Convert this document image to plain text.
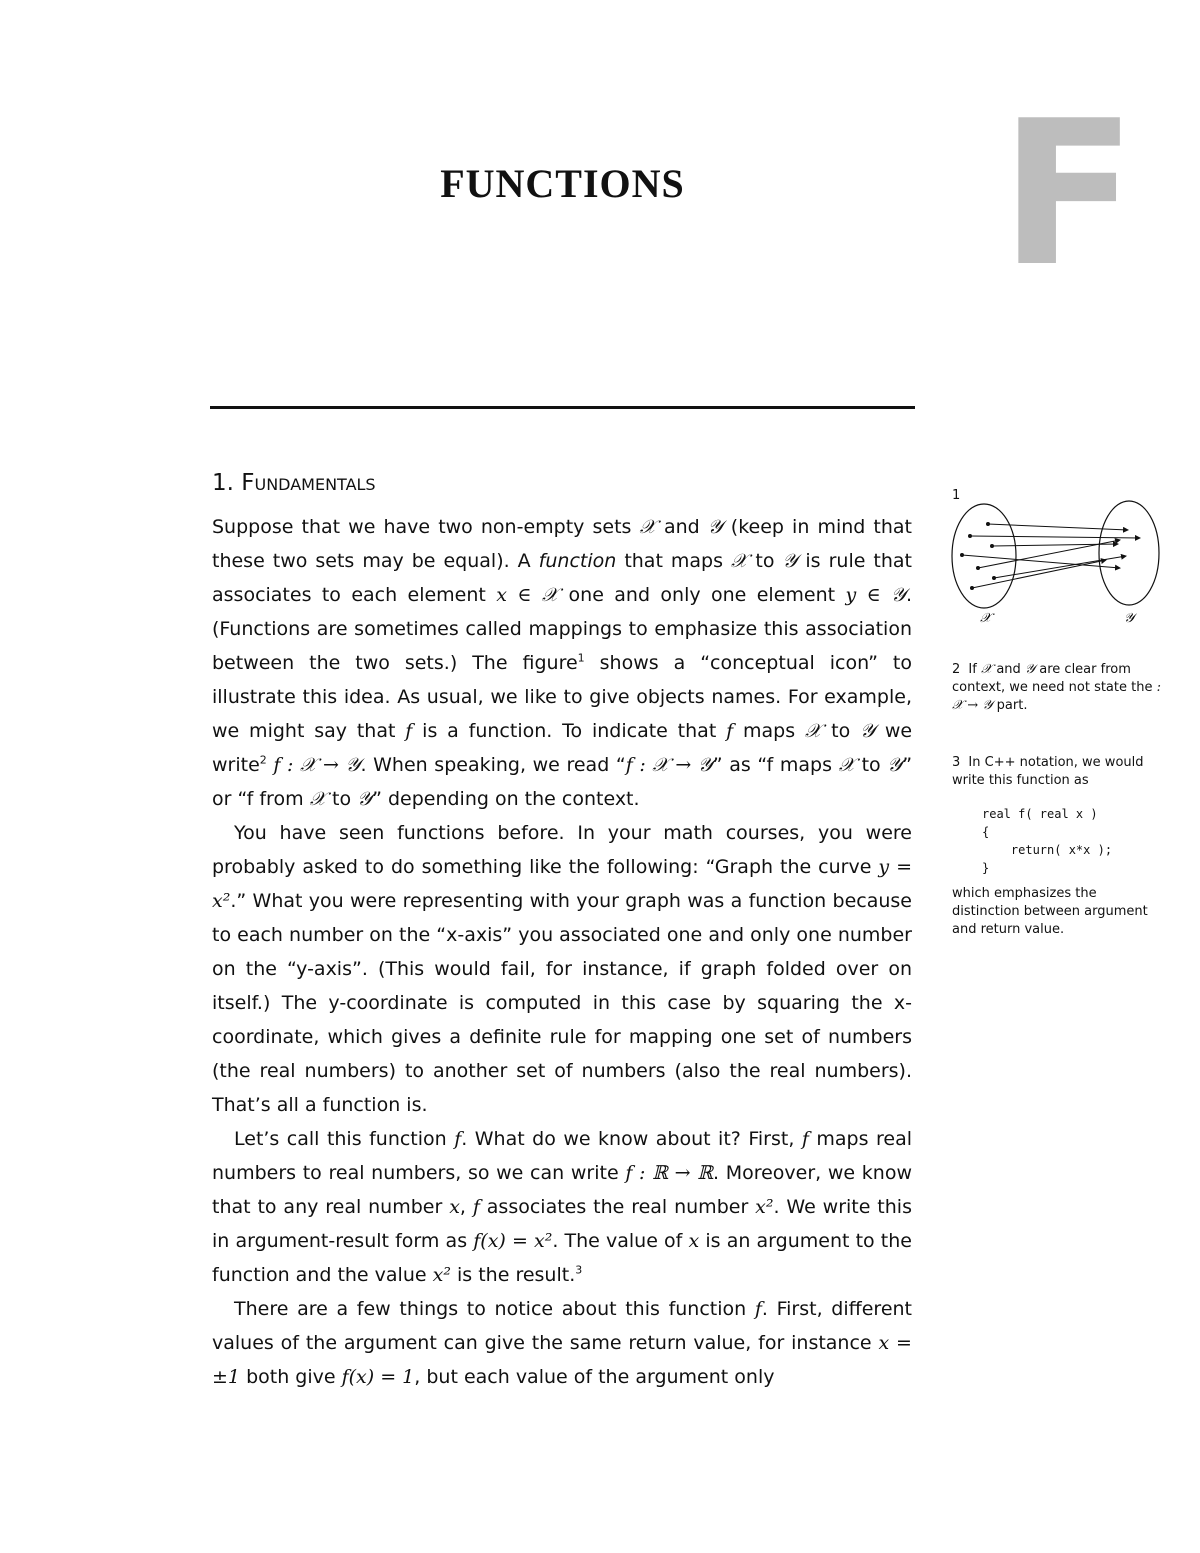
FUNCTIONS	F
1. Fundamentals

Suppose that we have two non-empty sets 𝒳 and 𝒴 (keep in mind that these two sets may be equal). A function that maps 𝒳 to 𝒴 is rule that associates to each element x ∈ 𝒳 one and only one element y ∈ 𝒴. (Functions are sometimes called mappings to emphasize this association between the two sets.) The figure$^1$ shows a “conceptual icon” to illustrate this idea. As usual, we like to give objects names. For example, we might say that f is a function. To indicate that f maps 𝒳 to 𝒴 we write$^2$ f : 𝒳 → 𝒴. When speaking, we read “f : 𝒳 → 𝒴” as “f maps 𝒳 to 𝒴” or “f from 𝒳 to 𝒴” depending on the context.

You have seen functions before. In your math courses, you were probably asked to do something like the following: “Graph the curve y = x².” What you were representing with your graph was a function because to each number on the “x-axis” you associated one and only one number on the “y-axis”. (This would fail, for instance, if graph folded over on itself.) The y-coordinate is computed in this case by squaring the x-coordinate, which gives a definite rule for mapping one set of numbers (the real numbers) to another set of numbers (also the real numbers). That’s all a function is.

Let’s call this function f. What do we know about it? First, f maps real numbers to real numbers, so we can write f : ℝ → ℝ. Moreover, we know that to any real number x, f associates the real number x². We write this in argument-result form as f(x) = x². The value of x is an argument to the function and the value x² is the result.$^3$

There are a few things to notice about this function f. First, different values of the argument can give the same return value, for instance x = ±1 both give f(x) = 1, but each value of the argument only

1
𝒳	𝒴
2 If 𝒳 and 𝒴 are clear from context, we need not state the : 𝒳 → 𝒴 part.
3 In C++ notation, we would write this function as
real f( real x )
{
return( x*x );
}
which emphasizes the distinction between argument and return value.
